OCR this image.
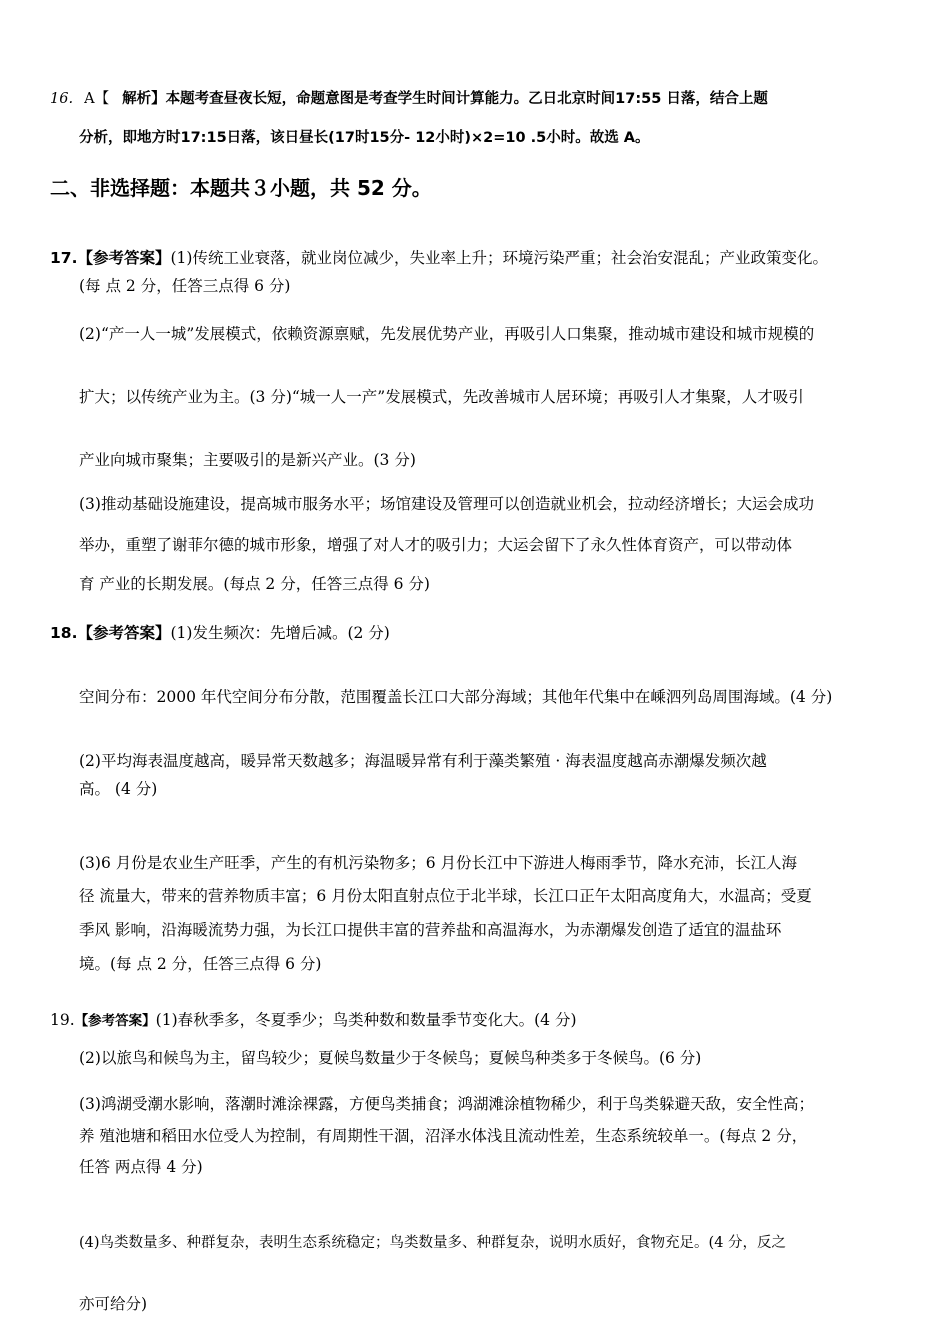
16. A【 解析】本题考查昼夜长短，命题意图是考查学生时间计算能力。乙日北京时间17:55 日落，结合上题
分析，即地方时17:15日落，该日昼长(17时15分- 12小时)×2=10 .5小时。故选 A。
二、非选择题：本题共３小题，共 52 分。
17.【参考答案】(1)传统工业衰落，就业岗位减少，失业率上升；环境污染严重；社会治安混乱；产业政策变化。
(每 点 2 分，任答三点得 6 分)
(2)“产一人一城”发展模式，依赖资源禀赋，先发展优势产业，再吸引人口集聚，推动城市建设和城市规模的
扩大；以传统产业为主。(3 分)“城一人一产”发展模式，先改善城市人居环境；再吸引人才集聚，人才吸引
产业向城市聚集；主要吸引的是新兴产业。(3 分)
(3)推动基础设施建设，提高城市服务水平；场馆建设及管理可以创造就业机会，拉动经济增长；大运会成功
举办，重塑了谢菲尔德的城市形象，增强了对人才的吸引力；大运会留下了永久性体育资产，可以带动体
育 产业的长期发展。(每点 2 分，任答三点得 6 分)
18.【参考答案】(1)发生频次：先增后减。(2 分)
空间分布：2000 年代空间分布分散，范围覆盖长江口大部分海域；其他年代集中在嵊泗列岛周围海域。(4 分)
(2)平均海表温度越高，暖异常天数越多；海温暖异常有利于藻类繁殖 · 海表温度越高赤潮爆发频次越
高。 (4 分)
(3)6 月份是农业生产旺季，产生的有机污染物多；6 月份长江中下游进人梅雨季节，降水充沛，长江人海
径 流量大，带来的营养物质丰富；6 月份太阳直射点位于北半球，长江口正午太阳高度角大，水温高；受夏
季风 影响，沿海暖流势力强，为长江口提供丰富的营养盐和高温海水，为赤潮爆发创造了适宜的温盐环
境。(每 点 2 分，任答三点得 6 分)
19.【参考答案】(1)春秋季多，冬夏季少；鸟类种数和数量季节变化大。(4 分)
(2)以旅鸟和候鸟为主，留鸟较少；夏候鸟数量少于冬候鸟；夏候鸟种类多于冬候鸟。(6 分)
(3)鸿湖受潮水影响，落潮时滩涂裸露，方便鸟类捕食；鸿湖滩涂植物稀少，利于鸟类躲避天敌，安全性高；
养 殖池塘和稻田水位受人为控制，有周期性干涸，沼泽水体浅且流动性差，生态系统较单一。(每点 2 分，
任答 两点得 4 分)
(4)鸟类数量多、种群复杂，表明生态系统稳定；鸟类数量多、种群复杂，说明水质好，食物充足。(4 分，反之
亦可给分)
